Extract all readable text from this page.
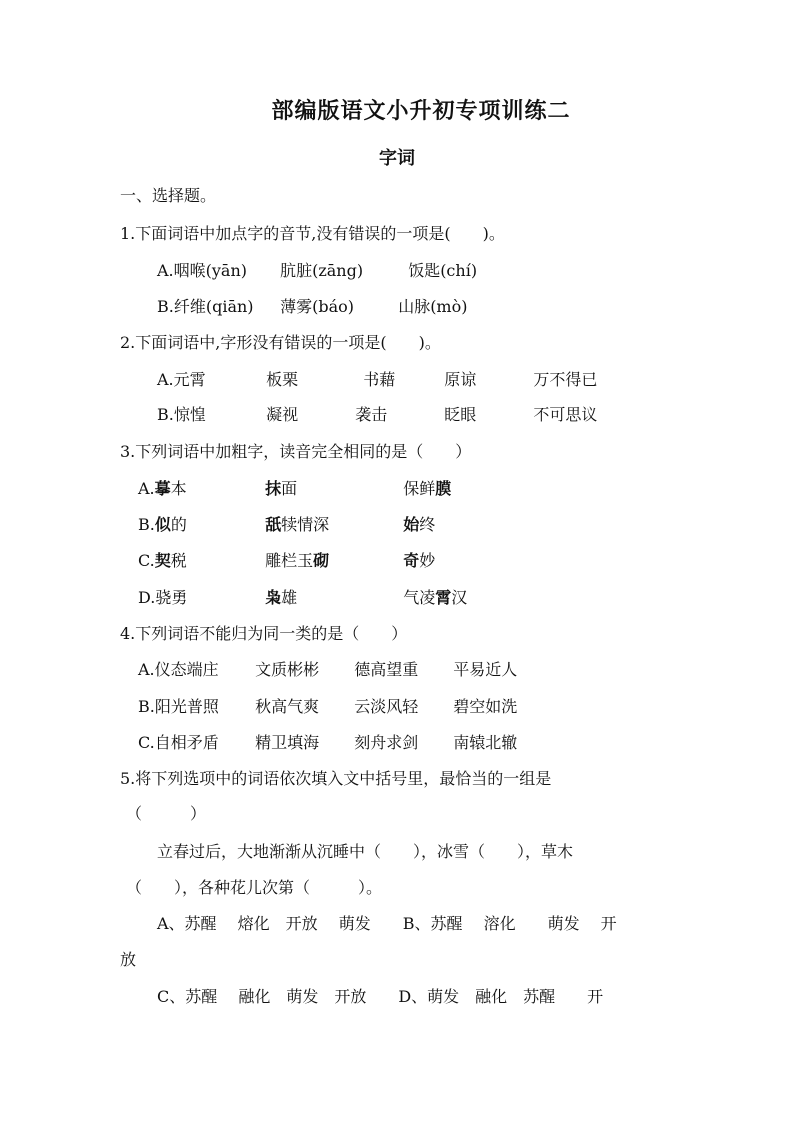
部编版语文小升初专项训练二
字词
一、选择题。
1.下面词语中加点字的音节,没有错误的一项是(　　)。
A.咽喉(yān) 肮脏(zāng)	饭匙(chí)
B.纤维(qiān) 薄雾(báo)	山脉(mò)
2.下面词语中,字形没有错误的一项是(　　)。
A.元霄	板栗	书藉	原谅	万不得已
B.惊惶	凝视	袭击	眨眼	不可思议
3.下列词语中加粗字，读音完全相同的是（　　）
A.摹本	抹面	保鲜膜
B.似的	舐犊情深	始终
C.契税	雕栏玉砌	奇妙
D.骁勇	枭雄	气凌霄汉
4.下列词语不能归为同一类的是（　　）
A.仪态端庄 文质彬彬 德高望重 平易近人
B.阳光普照 秋高气爽 云淡风轻 碧空如洗
C.自相矛盾 精卫填海 刻舟求剑 南辕北辙
5.将下列选项中的词语依次填入文中括号里，最恰当的一组是
（　　　）
立春过后，大地渐渐从沉睡中（　　），冰雪（　　），草木
（　　），各种花儿次第（　　　）。
A、苏醒　 熔化　开放　 萌发　　B、苏醒　 溶化　　萌发　 开
放
C、苏醒　 融化　萌发　开放　　D、萌发　融化　苏醒　　开
